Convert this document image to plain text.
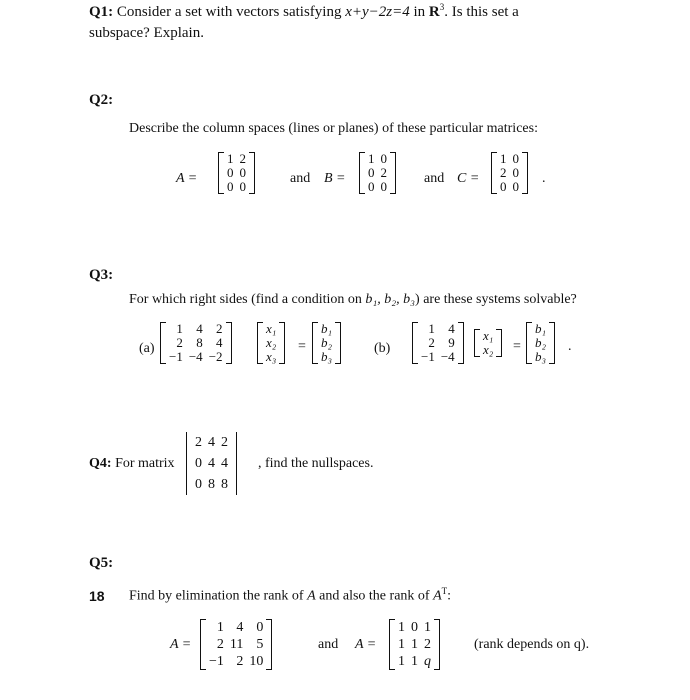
Q1: Consider a set with vectors satisfying x+y−2z=4 in $R^3$. Is this set a
subspace? Explain.
Q2:
Describe the column spaces (lines or planes) of these particular matrices:
A =
1	2
0	0
0	0
and B =
1	0
0	2
0	0
and C =
1	0
2	0
0	0
.
Q3:
For which right sides (find a condition on b₁, b₂, b₃) are these systems solvable?
(a)
1	4	2
2	8	4
−1	−4	−2
x₁
x₂
x₃
=
b₁
b₂
b₃
(b)
1	4
2	9
−1	−4
x₁
x₂ =
b₁
b₂
b₃
.
Q4: For matrix
2	4	2
0	4	4
0	8	8
, find the nullspaces.
Q5:
18 Find by elimination the rank of A and also the rank of $A^T$:
A =
1	4	0
2	11	5
−1	2	10
and A =
1	0	1
1	1	2
1	1	q
(rank depends on q).
